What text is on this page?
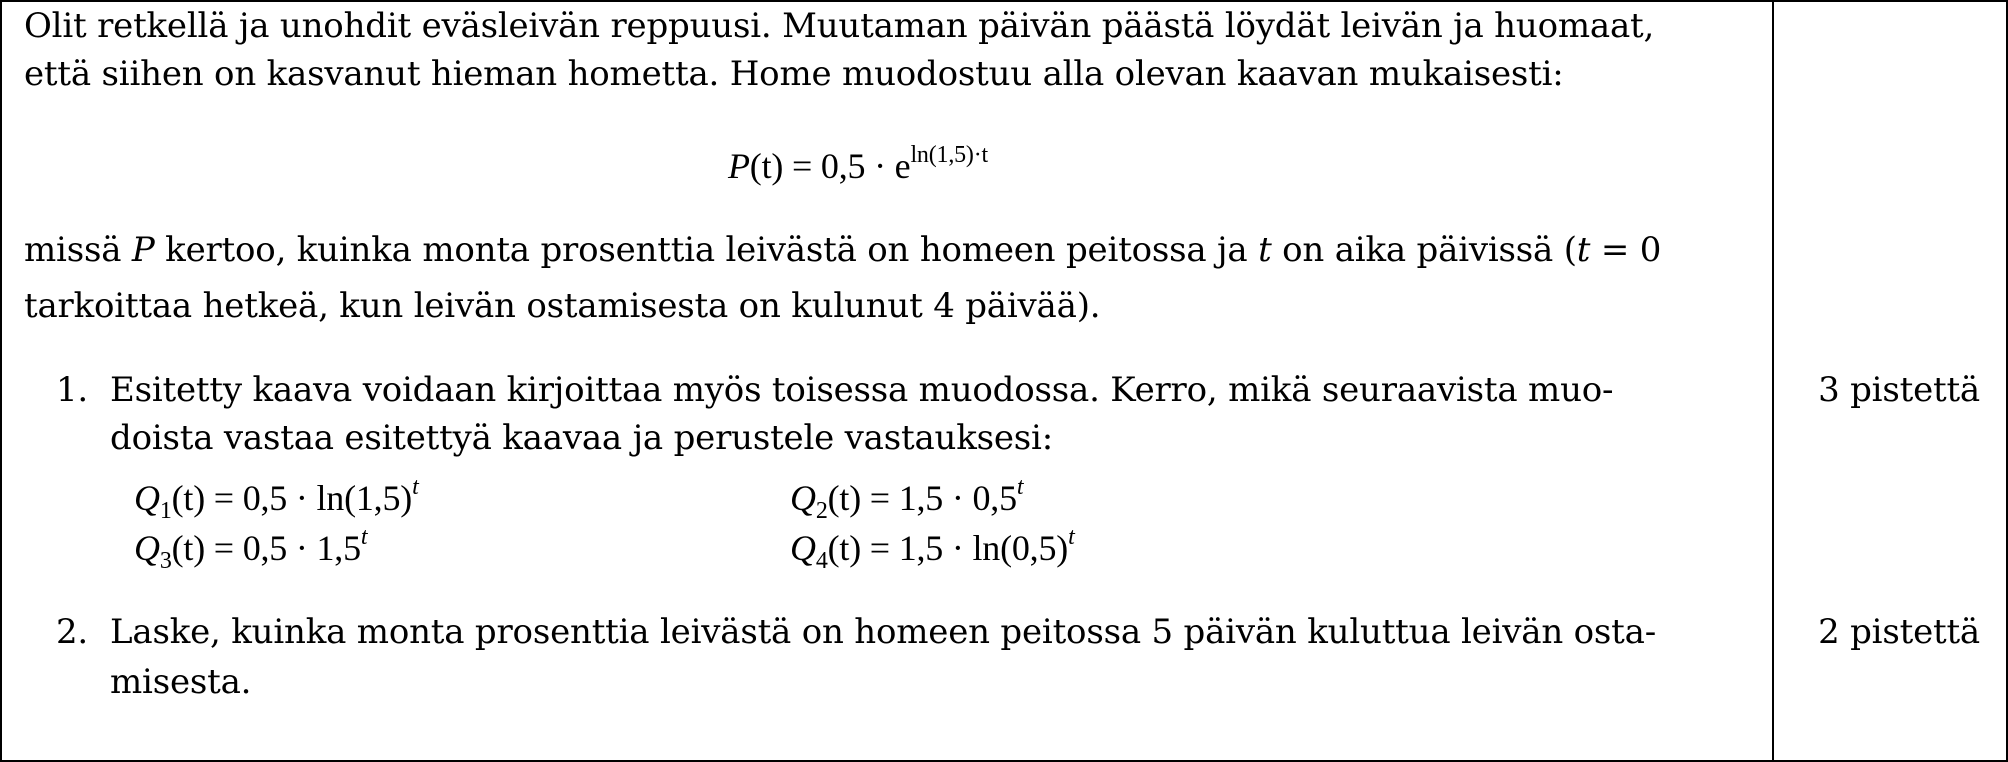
Olit retkellä ja unohdit eväsleivän reppuusi. Muutaman päivän päästä löydät leivän ja huomaat,
että siihen on kasvanut hieman hometta. Home muodostuu alla olevan kaavan mukaisesti:
$P(t) = 0,5 \cdot e^{ln(1,5)\cdot t}$
missä P kertoo, kuinka monta prosenttia leivästä on homeen peitossa ja t on aika päivissä (t = 0
tarkoittaa hetkeä, kun leivän ostamisesta on kulunut 4 päivää).
1. Esitetty kaava voidaan kirjoittaa myös toisessa muodossa. Kerro, mikä seuraavista muo-
doista vastaa esitettyä kaavaa ja perustele vastauksesi:
3 pistettä
$Q_1(t) = 0,5 \cdot \ln(1,5)^t$	$Q_2(t) = 1,5 \cdot 0,5^t$
$Q_3(t) = 0,5 \cdot 1,5^t$	$Q_4(t) = 1,5 \cdot \ln(0,5)^t$
2. Laske, kuinka monta prosenttia leivästä on homeen peitossa 5 päivän kuluttua leivän osta-
misesta.
2 pistettä
